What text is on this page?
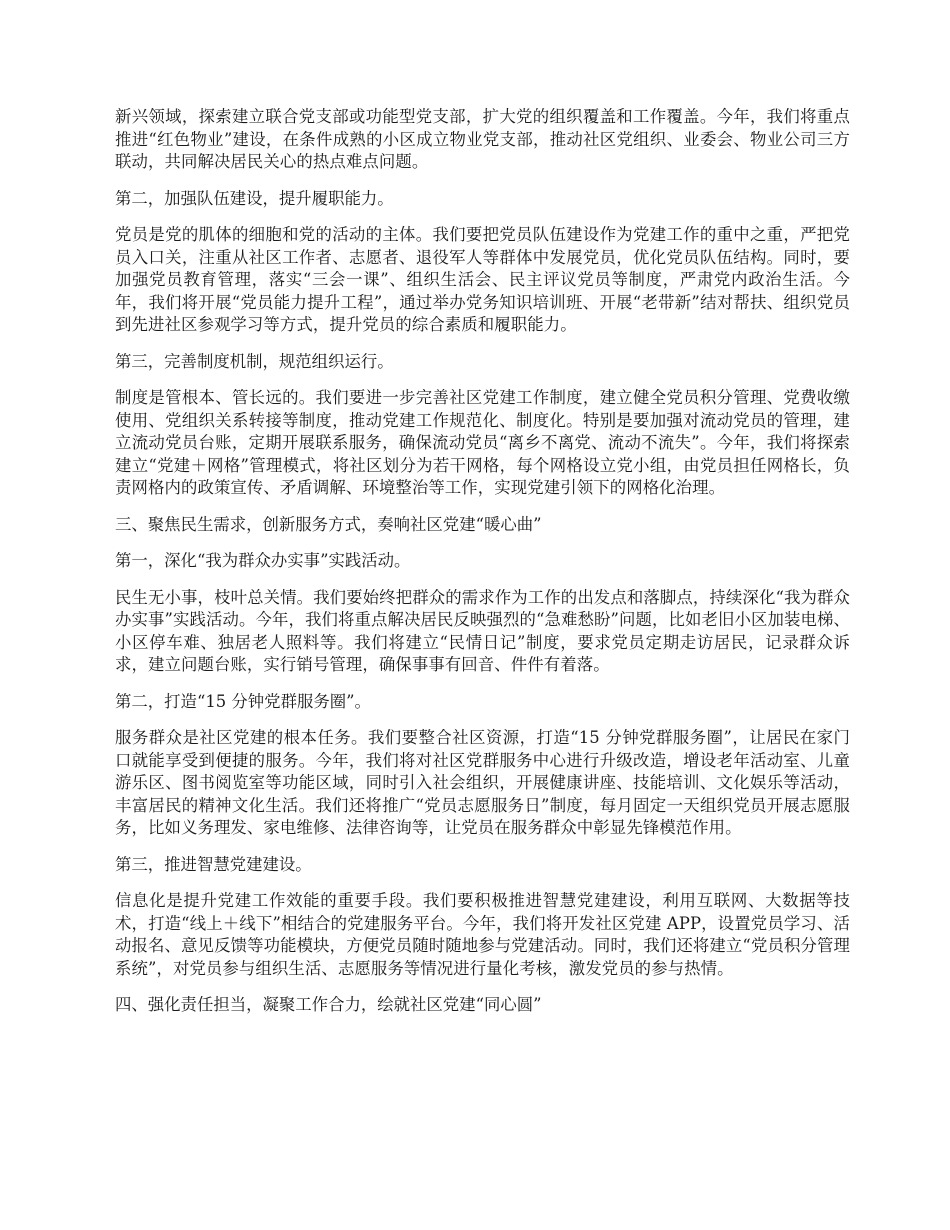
新兴领域，探索建立联合党支部或功能型党支部，扩大党的组织覆盖和工作覆盖。今年，我们将重点推进“红色物业”建设，在条件成熟的小区成立物业党支部，推动社区党组织、业委会、物业公司三方联动，共同解决居民关心的热点难点问题。

第二，加强队伍建设，提升履职能力。

党员是党的肌体的细胞和党的活动的主体。我们要把党员队伍建设作为党建工作的重中之重，严把党员入口关，注重从社区工作者、志愿者、退役军人等群体中发展党员，优化党员队伍结构。同时，要加强党员教育管理，落实“三会一课”、组织生活会、民主评议党员等制度，严肃党内政治生活。今年，我们将开展“党员能力提升工程”，通过举办党务知识培训班、开展“老带新”结对帮扶、组织党员到先进社区参观学习等方式，提升党员的综合素质和履职能力。

第三，完善制度机制，规范组织运行。

制度是管根本、管长远的。我们要进一步完善社区党建工作制度，建立健全党员积分管理、党费收缴使用、党组织关系转接等制度，推动党建工作规范化、制度化。特别是要加强对流动党员的管理，建立流动党员台账，定期开展联系服务，确保流动党员“离乡不离党、流动不流失”。今年，我们将探索建立“党建＋网格”管理模式，将社区划分为若干网格，每个网格设立党小组，由党员担任网格长，负责网格内的政策宣传、矛盾调解、环境整治等工作，实现党建引领下的网格化治理。

三、聚焦民生需求，创新服务方式，奏响社区党建“暖心曲”

第一，深化“我为群众办实事”实践活动。

民生无小事，枝叶总关情。我们要始终把群众的需求作为工作的出发点和落脚点，持续深化“我为群众办实事”实践活动。今年，我们将重点解决居民反映强烈的“急难愁盼”问题，比如老旧小区加装电梯、小区停车难、独居老人照料等。我们将建立“民情日记”制度，要求党员定期走访居民，记录群众诉求，建立问题台账，实行销号管理，确保事事有回音、件件有着落。

第二，打造“15 分钟党群服务圈”。

服务群众是社区党建的根本任务。我们要整合社区资源，打造“15 分钟党群服务圈”，让居民在家门口就能享受到便捷的服务。今年，我们将对社区党群服务中心进行升级改造，增设老年活动室、儿童游乐区、图书阅览室等功能区域，同时引入社会组织，开展健康讲座、技能培训、文化娱乐等活动，丰富居民的精神文化生活。我们还将推广“党员志愿服务日”制度，每月固定一天组织党员开展志愿服务，比如义务理发、家电维修、法律咨询等，让党员在服务群众中彰显先锋模范作用。

第三，推进智慧党建建设。

信息化是提升党建工作效能的重要手段。我们要积极推进智慧党建建设，利用互联网、大数据等技术，打造“线上＋线下”相结合的党建服务平台。今年，我们将开发社区党建 APP，设置党员学习、活动报名、意见反馈等功能模块，方便党员随时随地参与党建活动。同时，我们还将建立“党员积分管理系统”，对党员参与组织生活、志愿服务等情况进行量化考核，激发党员的参与热情。

四、强化责任担当，凝聚工作合力，绘就社区党建“同心圆”
